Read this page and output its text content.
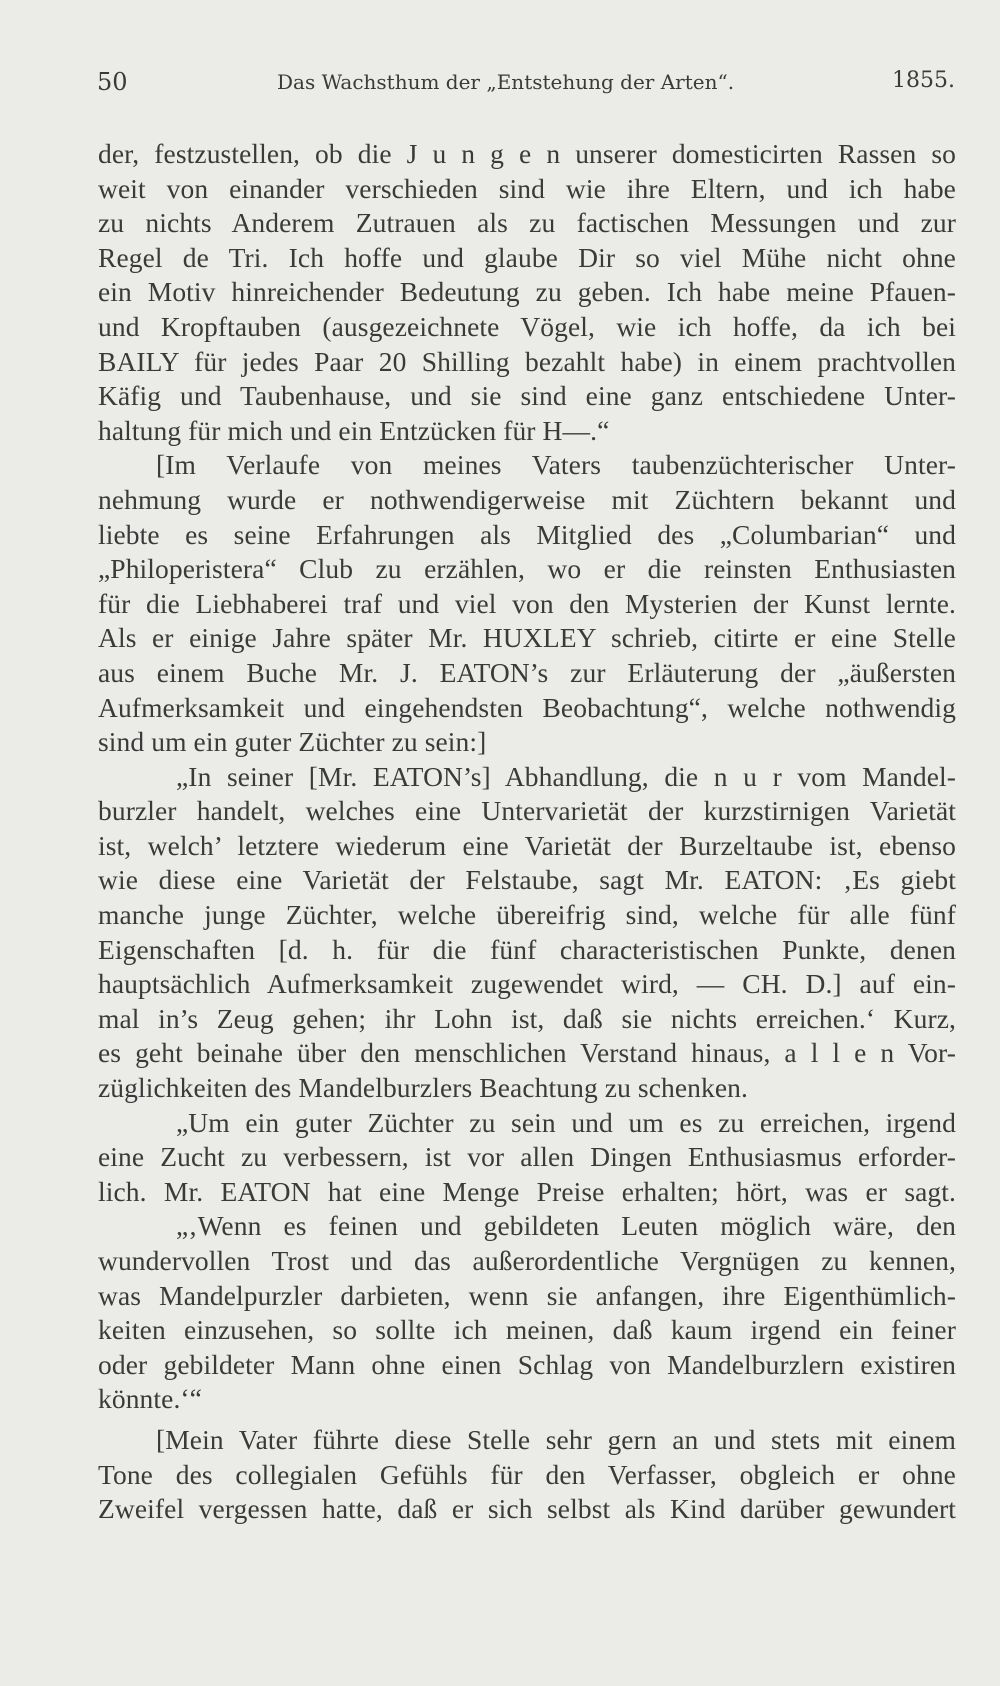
50	Das Wachsthum der „Entstehung der Arten“.	1855.
der, festzustellen, ob die J u n g e n unserer domesticirten Rassen so
weit von einander verschieden sind wie ihre Eltern, und ich habe
zu nichts Anderem Zutrauen als zu factischen Messungen und zur
Regel de Tri. Ich hoffe und glaube Dir so viel Mühe nicht ohne
ein Motiv hinreichender Bedeutung zu geben. Ich habe meine Pfauen-
und Kropftauben (ausgezeichnete Vögel, wie ich hoffe, da ich bei
BAILY für jedes Paar 20 Shilling bezahlt habe) in einem prachtvollen
Käfig und Taubenhause, und sie sind eine ganz entschiedene Unter-
haltung für mich und ein Entzücken für H—.“
[Im Verlaufe von meines Vaters taubenzüchterischer Unter-
nehmung wurde er nothwendigerweise mit Züchtern bekannt und
liebte es seine Erfahrungen als Mitglied des „Columbarian“ und
„Philoperistera“ Club zu erzählen, wo er die reinsten Enthusiasten
für die Liebhaberei traf und viel von den Mysterien der Kunst lernte.
Als er einige Jahre später Mr. HUXLEY schrieb, citirte er eine Stelle
aus einem Buche Mr. J. EATON’s zur Erläuterung der „äußersten
Aufmerksamkeit und eingehendsten Beobachtung“, welche nothwendig
sind um ein guter Züchter zu sein:]
„In seiner [Mr. EATON’s] Abhandlung, die n u r vom Mandel-
burzler handelt, welches eine Untervarietät der kurzstirnigen Varietät
ist, welch’ letztere wiederum eine Varietät der Burzeltaube ist, ebenso
wie diese eine Varietät der Felstaube, sagt Mr. EATON: ‚Es giebt
manche junge Züchter, welche übereifrig sind, welche für alle fünf
Eigenschaften [d. h. für die fünf characteristischen Punkte, denen
hauptsächlich Aufmerksamkeit zugewendet wird, — CH. D.] auf ein-
mal in’s Zeug gehen; ihr Lohn ist, daß sie nichts erreichen.‘ Kurz,
es geht beinahe über den menschlichen Verstand hinaus, a l l e n Vor-
züglichkeiten des Mandelburzlers Beachtung zu schenken.
„Um ein guter Züchter zu sein und um es zu erreichen, irgend
eine Zucht zu verbessern, ist vor allen Dingen Enthusiasmus erforder-
lich. Mr. EATON hat eine Menge Preise erhalten; hört, was er sagt.
„‚Wenn es feinen und gebildeten Leuten möglich wäre, den
wundervollen Trost und das außerordentliche Vergnügen zu kennen,
was Mandelpurzler darbieten, wenn sie anfangen, ihre Eigenthümlich-
keiten einzusehen, so sollte ich meinen, daß kaum irgend ein feiner
oder gebildeter Mann ohne einen Schlag von Mandelburzlern existiren
könnte.‘“
[Mein Vater führte diese Stelle sehr gern an und stets mit einem
Tone des collegialen Gefühls für den Verfasser, obgleich er ohne
Zweifel vergessen hatte, daß er sich selbst als Kind darüber gewundert
